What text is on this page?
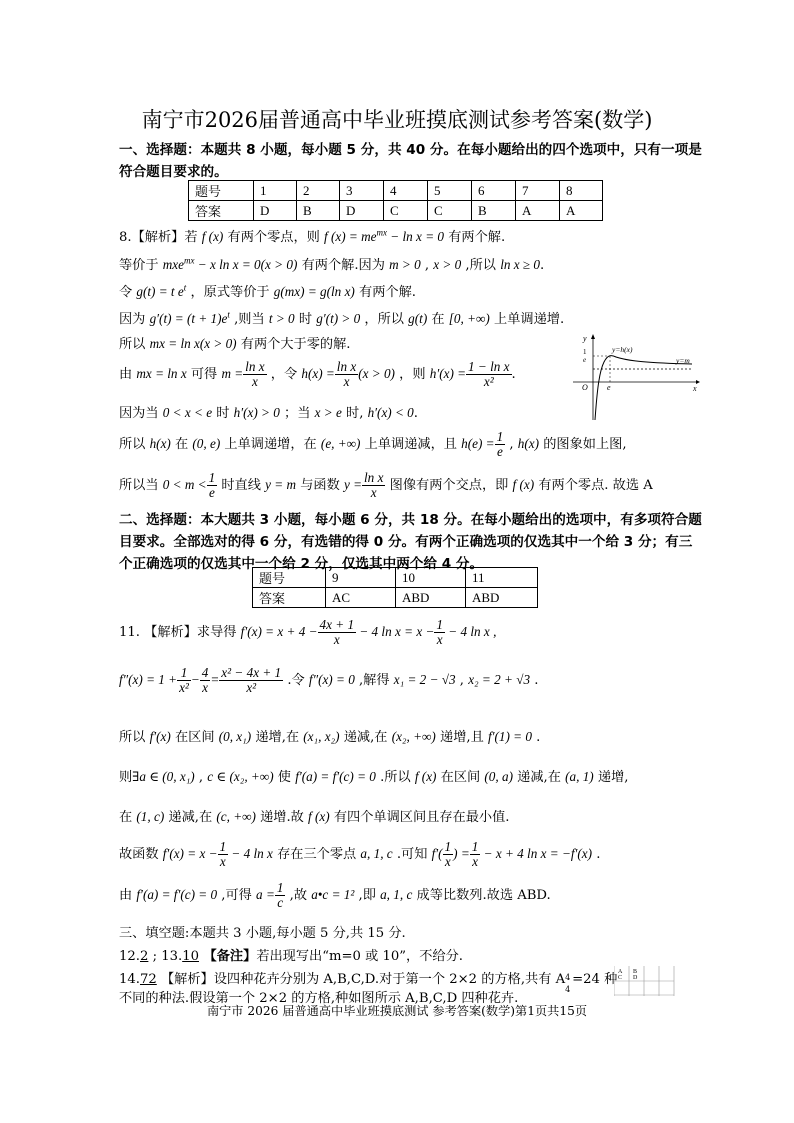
南宁市2026届普通高中毕业班摸底测试参考答案(数学)
一、选择题：本题共 8 小题，每小题 5 分，共 40 分。在每小题给出的四个选项中，只有一项是
符合题目要求的。
题号	1	2	3	4	5	6	7	8
答案	D	B	D	C	C	B	A	A
8.【解析】若 f (x) 有两个零点，则 f $(x) = me^{mx} - \ln x = 0$ 有两个解.
等价于 mxe$^{mx}$ − x ln x = 0(x > 0) 有两个解.因为 m > 0 , x > 0 ,所以 ln x ≥ 0.
令 g(t) = t $e^t$ ，原式等价于 g(mx) = g(ln x) 有两个解.
因为 $g'(t) = (t + 1)e^t$ ,则当 t > 0 时 g′(t) > 0 ，所以 g(t) 在 [0, +∞) 上单调递增.
所以 mx = ln x(x > 0) 有两个大于零的解.
由 mx = ln x 可得 $m = \frac{\text{ln x}}{x}$ ，令 $h(x) = \frac{\text{ln x}}{x} (x > 0)$ ，则 $h'(x) = \frac{\text{1 − ln x}}{\text{x²}}$ .
因为当 0 < x < e 时 h′(x) > 0 ；当 x > e 时, h′(x) < 0.
y
x
y=h(x)
y=m
1
e
O e
所以 h(x) 在 (0, e) 上单调递增，在 (e, +∞) 上单调递减，且 $h(e) = \frac{1}{e}$ , h(x) 的图象如上图,
所以当 $0 < m < \frac{1}{e}$ 时直线 y = m 与函数 $y = \frac{\text{ln x}}{x}$ 图像有两个交点，即 f (x) 有两个零点. 故选 A
二、选择题：本大题共 3 小题，每小题 6 分，共 18 分。在每小题给出的选项中，有多项符合题
目要求。全部选对的得 6 分，有选错的得 0 分。有两个正确选项的仅选其中一个给 3 分；有三
个正确选项的仅选其中一个给 2 分，仅选其中两个给 4 分。
题号	9	10	11
答案	AC	ABD	ABD
11. 【解析】求导得 $f'(x) = x + 4 - \frac{4x + 1}{x} - 4$ $\ln x = x - \frac{1}{x} - 4$ ln x ,
$f''(x) = 1 + \frac{1}{\text{x²}} - \frac{4}{x} = \frac{\text{x² − 4x + 1}}{\text{x²}}$ .令 f″(x) = 0 ,解得 x₁ = 2 − √3 , x₂ = 2 + √3 .
所以 f′(x) 在区间 (0, x₁) 递增,在 (x₁, x₂) 递减,在 (x₂, +∞) 递增,且 f′(1) = 0 .
则∃a ∈ (0, x₁) , c ∈ (x₂, +∞) 使 f′(a) = f′(c) = 0 .所以 f (x) 在区间 (0, a) 递减,在 (a, 1) 递增,
在 (1, c) 递减,在 (c, +∞) 递增.故 f (x) 有四个单调区间且存在最小值.
故函数 $f'(x) = x - \frac{1}{x} - 4$ ln x 存在三个零点 a, 1, c .可知 $f'( \frac{1}{x}$ ) = $\frac{1}{x} - x + 4$ ln x = −f′(x) .
由 f′(a) = f′(c) = 0 ,可得 $a = \frac{1}{c}$ ,故 a•c = 1² ,即 a, 1, c 成等比数列.故选 ABD.
三、填空题:本题共 3 小题,每小题 5 分,共 15 分.
12.2 ; 13.10 【备注】若出现写出“m=0 或 10”，不给分.
14.72 【解析】设四种花卉分别为 A,B,C,D.对于第一个 2×2 的方格,共有 A 4
4
=24 种 A B
C D
不同的种法.假设第一个 2×2 的方格,种如图所示 A,B,C,D 四种花卉.
南宁市 2026 届普通高中毕业班摸底测试 参考答案(数学)第1页共15页
